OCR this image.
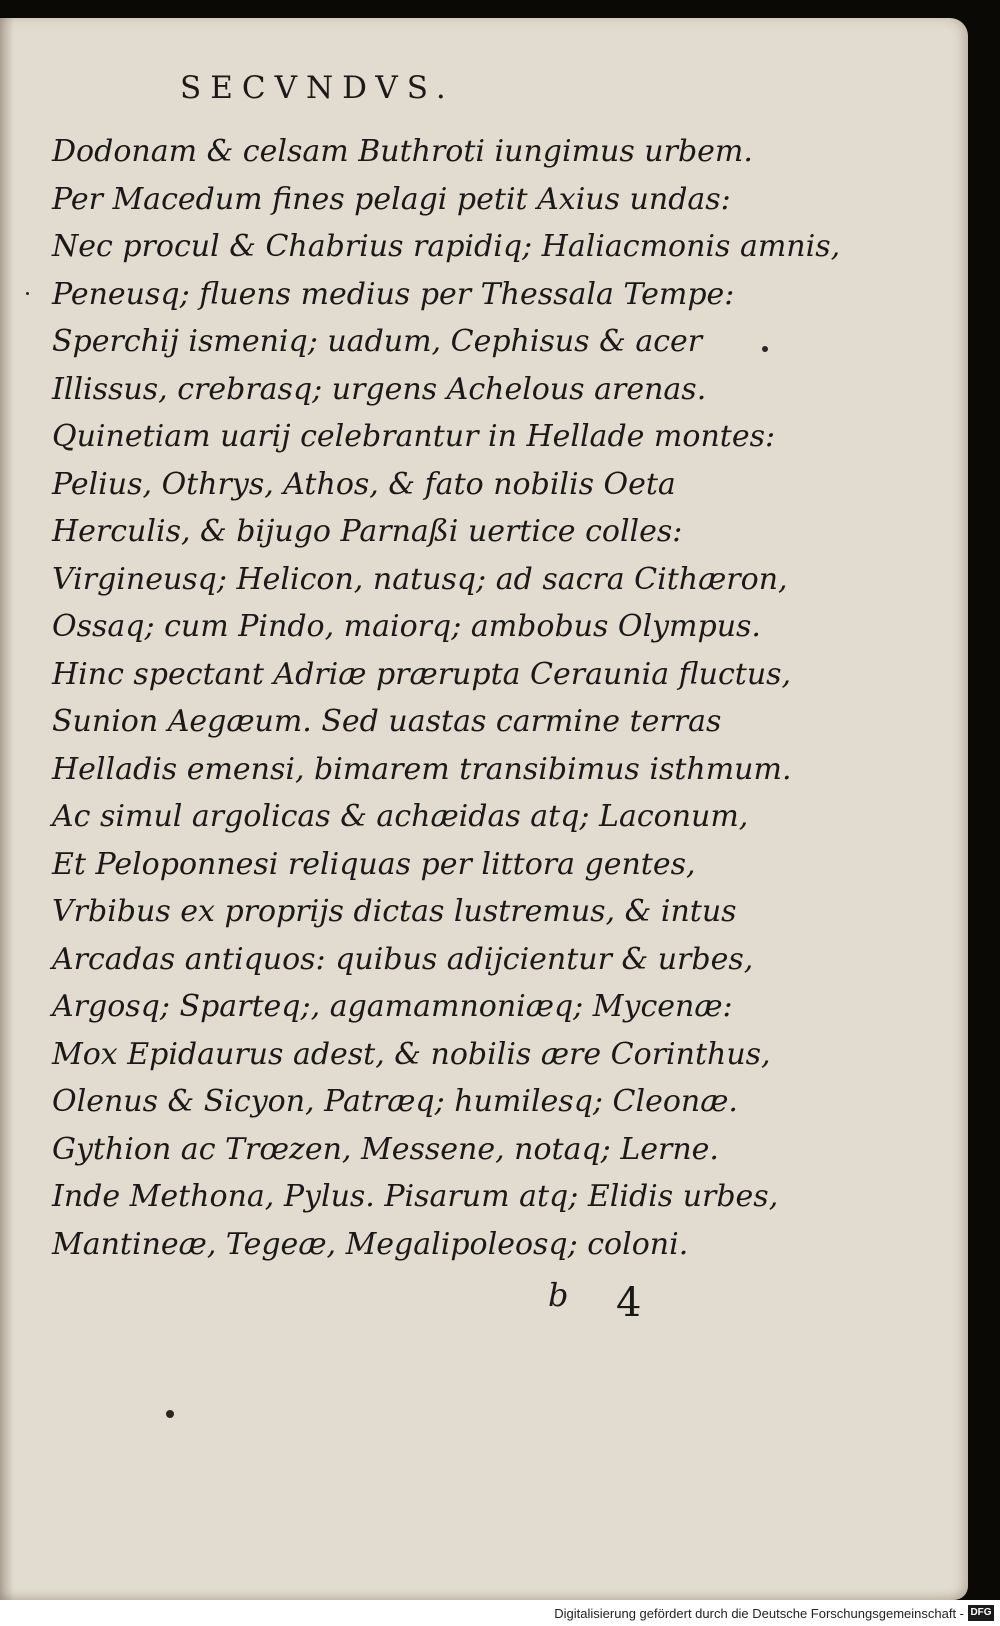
SECVNDVS.
Dodonam & celsam Buthroti iungimus urbem.
Per Macedum fines pelagi petit Axius undas:
Nec procul & Chabrius rapidiq; Haliacmonis amnis,
Peneusq; fluens medius per Thessala Tempe:
Sperchij ismeniq; uadum, Cephisus & acer
Illissus, crebrasq; urgens Achelous arenas.
Quinetiam uarij celebrantur in Hellade montes:
Pelius, Othrys, Athos, & fato nobilis Oeta
Herculis, & bijugo Parnaßi uertice colles:
Virgineusq; Helicon, natusq; ad sacra Cithæron,
Ossaq; cum Pindo, maiorq; ambobus Olympus.
Hinc spectant Adriæ prærupta Ceraunia fluctus,
Sunion Aegæum. Sed uastas carmine terras
Helladis emensi, bimarem transibimus isthmum.
Ac simul argolicas & achæidas atq; Laconum,
Et Peloponnesi reliquas per littora gentes,
Vrbibus ex proprijs dictas lustremus, & intus
Arcadas antiquos: quibus adijcientur & urbes,
Argosq; Sparteq;, agamamnoniæq; Mycenæ:
Mox Epidaurus adest, & nobilis ære Corinthus,
Olenus & Sicyon, Patræq; humilesq; Cleonæ.
Gythion ac Trœzen, Messene, notaq; Lerne.
Inde Methona, Pylus. Pisarum atq; Elidis urbes,
Mantineæ, Tegeæ, Megalipoleosq; coloni.
b 4
Digitalisierung gefördert durch die Deutsche Forschungsgemeinschaft - DFG
